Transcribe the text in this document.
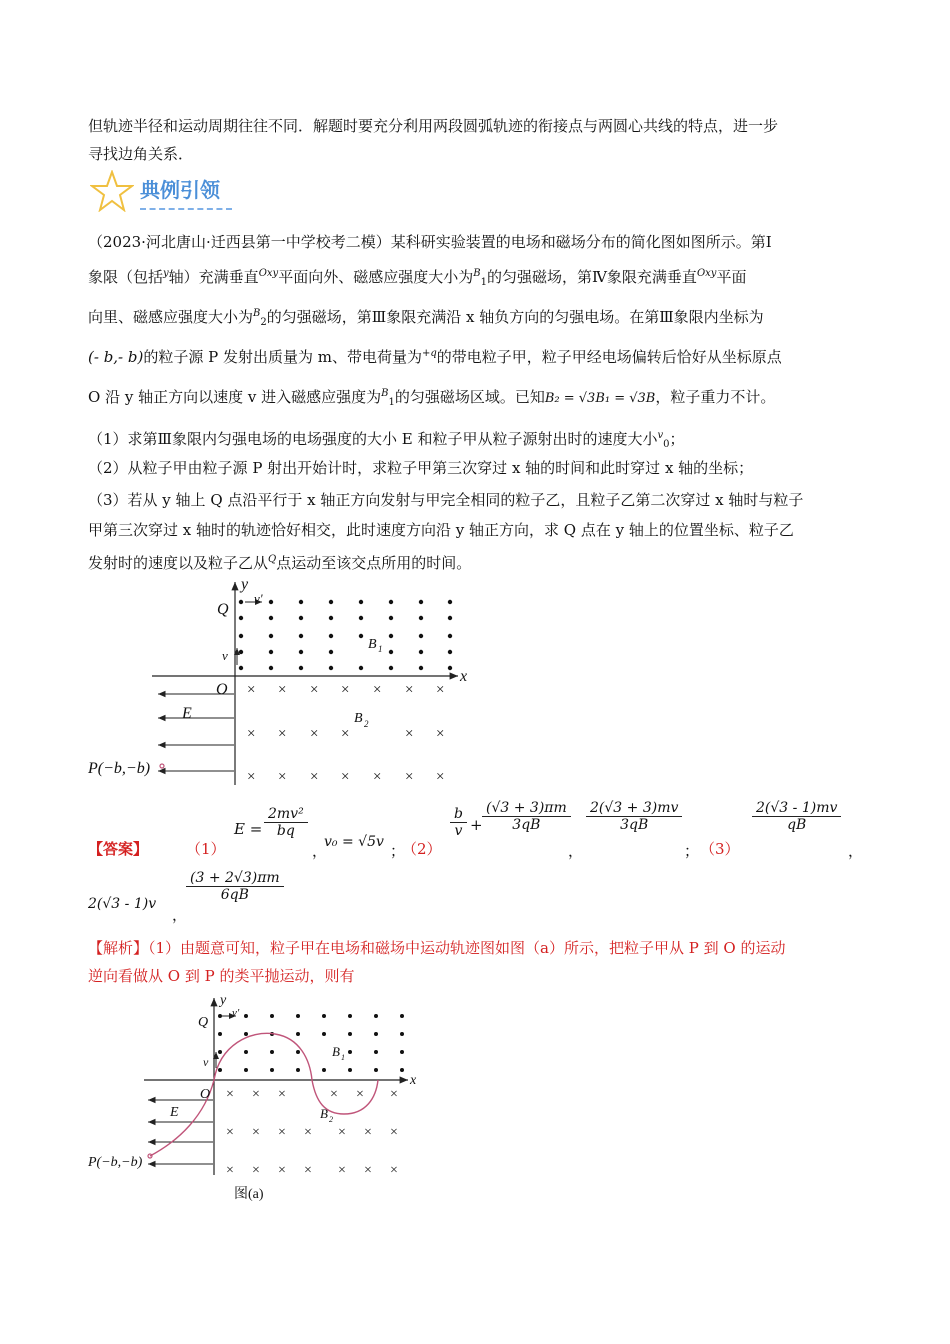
但轨迹半径和运动周期往往不同．解题时要充分利用两段圆弧轨迹的衔接点与两圆心共线的特点，进一步
寻找边角关系．
典例引领
（2023·河北唐山·迁西县第一中学校考二模）某科研实验装置的电场和磁场分布的简化图如图所示。第Ⅰ
象限（包括$^y$轴）充满垂直$^{Oxy}$平面向外、磁感应强度大小为$^B_1$的匀强磁场，第Ⅳ象限充满垂直$^{Oxy}$平面
向里、磁感应强度大小为$^B_2$的匀强磁场，第Ⅲ象限充满沿 x 轴负方向的匀强电场。在第Ⅲ象限内坐标为
(- b,- b)的粒子源 P 发射出质量为 m、带电荷量为$^{+q}$的带电粒子甲，粒子甲经电场偏转后恰好从坐标原点
O 沿 y 轴正方向以速度 v 进入磁感应强度为$^B_1$的匀强磁场区域。已知B₂ = √3B₁ = √3B，粒子重力不计。
（1）求第Ⅲ象限内匀强电场的电场强度的大小 E 和粒子甲从粒子源射出时的速度大小$^v_0$；
（2）从粒子甲由粒子源 P 射出开始计时，求粒子甲第三次穿过 x 轴的时间和此时穿过 x 轴的坐标；
（3）若从 y 轴上 Q 点沿平行于 x 轴正方向发射与甲完全相同的粒子乙，且粒子乙第二次穿过 x 轴时与粒子
甲第三次穿过 x 轴时的轨迹恰好相交，此时速度方向沿 y 轴正方向，求 Q 点在 y 轴上的位置坐标、粒子乙
发射时的速度以及粒子乙从$^Q$点运动至该交点所用的时间。
× × × × × × ×
× × × ×	× ×
× × × × × × ×
y
v'
Q
v
B 1
O
x
E	B 2
P(−b,−b)
【答案】	（1）
$E = \frac{\text{2mv²}}{bq}$
，
v₀ = √5v ；
（2）
$\frac{b}{v} + \frac{(√3 + 3)\pi m}{3qB}$
，
$\frac{2(√3 + 3)mv}{3qB}$
； （3）
$\frac{2(√3 - 1)mv}{qB}$
，
2(√3 - 1)v
，
$\frac{(3 + 2√3)\pi m}{6qB}$
【解析】（1）由题意可知，粒子甲在电场和磁场中运动轨迹图如图（a）所示，把粒子甲从 P 到 O 的运动
逆向看做从 O 到 P 的类平抛运动，则有
× × ×	× × ×
× × × × × × ×
× × × × × × ×
y
v'
Q
v
B 1
O
x
E	B 2
P(−b,−b)
图(a)
